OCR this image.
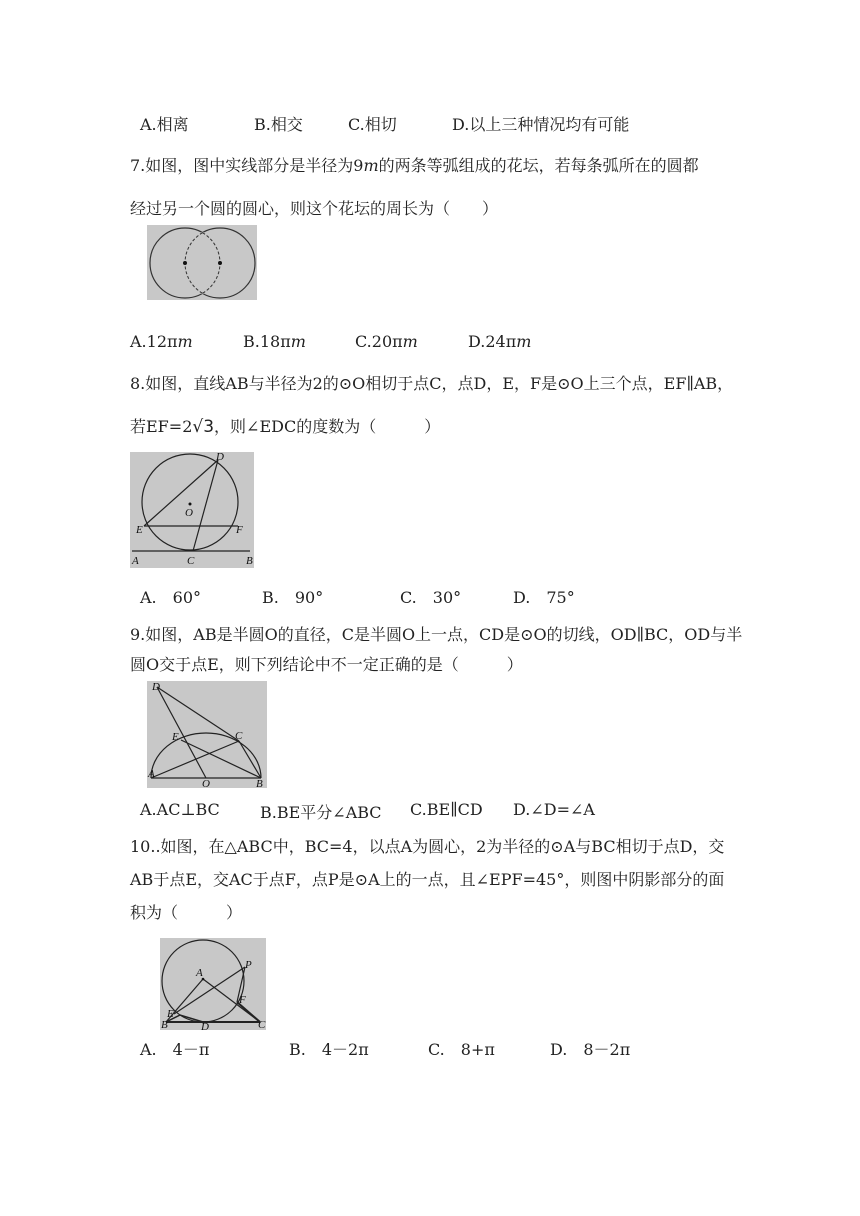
A.相离	B.相交	C.相切	D.以上三种情况均有可能
7.如图，图中实线部分是半径为9m的两条等弧组成的花坛，若每条弧所在的圆都
经过另一个圆的圆心，则这个花坛的周长为（　　）
A.12πm	B.18πm	C.20πm	D.24πm
8.如图，直线AB与半径为2的⊙O相切于点C，点D，E，F是⊙O上三个点，EF∥AB，
若EF=2√3，则∠EDC的度数为（　　　）
D
O
E	F
A	C	B
A.　60°	B.　90°	C.　30°	D.　75°
9.如图，AB是半圆O的直径，C是半圆O上一点，CD是⊙O的切线，OD∥BC，OD与半
圆O交于点E，则下列结论中不一定正确的是（　　　）
D
E	C
A
O	B
A.AC⊥BC	B.BE平分∠ABC C.BE∥CD D.∠D=∠A
10..如图，在△ABC中，BC=4，以点A为圆心，2为半径的⊙A与BC相切于点D，交
AB于点E，交AC于点F，点P是⊙A上的一点，且∠EPF=45°，则图中阴影部分的面
积为（　　　）
A
P
F
E
B	D	C
A.　4－π	B.　4－2π	C.　8+π	D.　8－2π
